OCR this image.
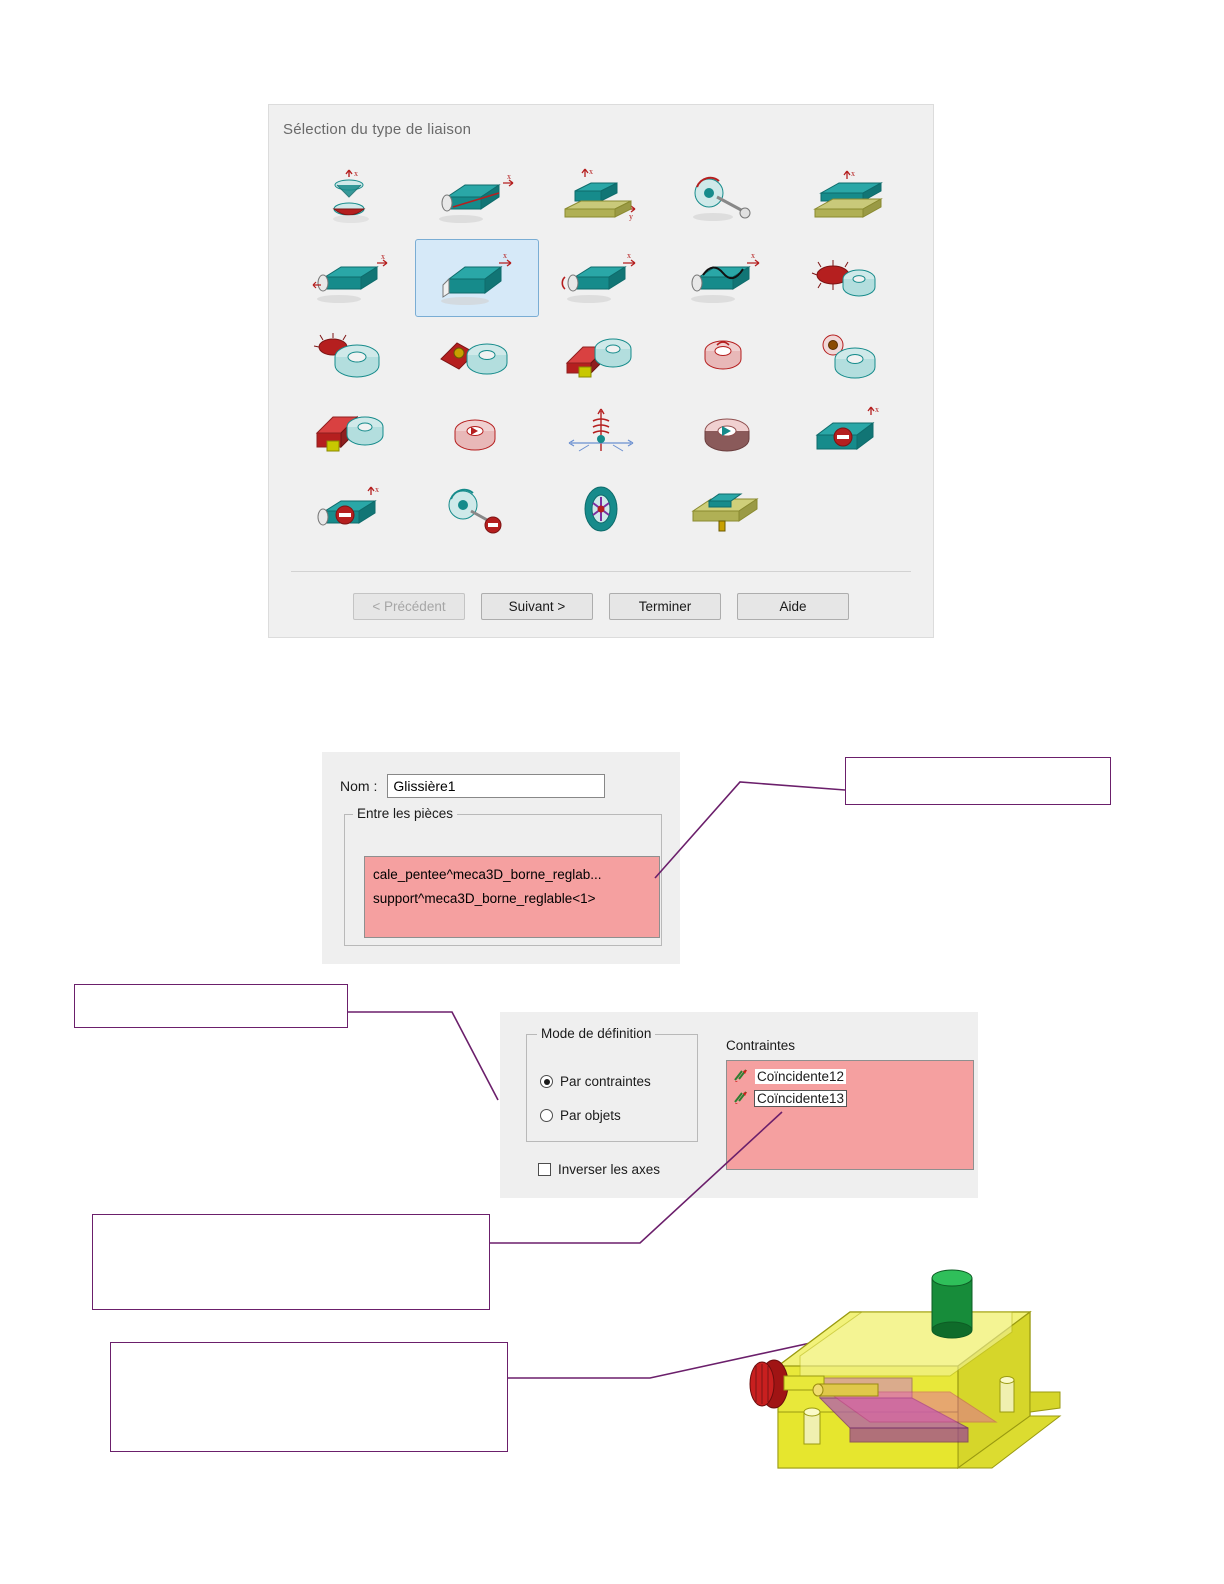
Sélection du type de liaison
x	x
x
y
x
x	x	x	x
x
x
< Précédent	Suivant >	Terminer	Aide
Nom :	Glissière1
Entre les pièces
cale_pentee^meca3D_borne_reglab...
support^meca3D_borne_reglable<1>
Mode de définition
Par contraintes
Par objets
Inverser les axes
Contraintes
Coïncidente12
Coïncidente13
